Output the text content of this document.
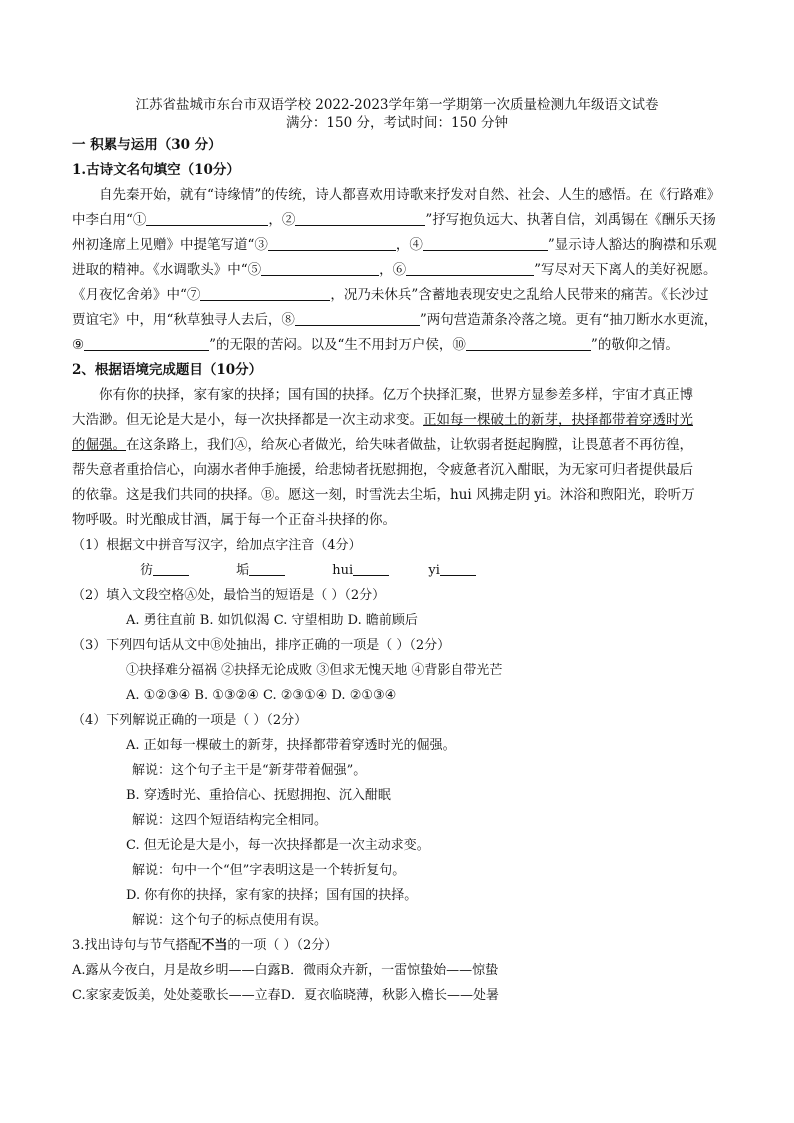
江苏省盐城市东台市双语学校 2022-2023学年第一学期第一次质量检测九年级语文试卷
满分：150 分，考试时间：150 分钟
一 积累与运用（30 分）
1.古诗文名句填空（10分）
自先秦开始，就有“诗缘情”的传统，诗人都喜欢用诗歌来抒发对自然、社会、人生的感悟。在《行路难》
中李白用“①	，②	”抒写抱负远大、执著自信，刘禹锡在《酬乐天扬
州初逢席上见赠》中提笔写道“③	，④	”显示诗人豁达的胸襟和乐观
进取的精神。《水调歌头》中“⑤	，⑥	”写尽对天下离人的美好祝愿。
《月夜忆舍弟》中“⑦	，况乃未休兵”含蓄地表现安史之乱给人民带来的痛苦。《长沙过
贾谊宅》中，用“秋草独寻人去后，⑧	”两句营造萧条冷落之境。更有“抽刀断水水更流，
⑨	”的无限的苦闷。以及“生不用封万户侯，⑩	”的敬仰之情。
2、根据语境完成题目（10分）
你有你的抉择，家有家的抉择；国有国的抉择。亿万个抉择汇聚，世界方显参差多样，宇宙才真正博
大浩渺。但无论是大是小，每一次抉择都是一次主动求变。正如每一棵破土的新芽，抉择都带着穿透时光
的倔强。在这条路上，我们Ⓐ，给灰心者做光，给失味者做盐，让软弱者挺起胸膛，让畏葸者不再彷徨，
帮失意者重拾信心，向溺水者伸手施援，给悲恸者抚慰拥抱，令疲惫者沉入酣眠，为无家可归者提供最后
的依靠。这是我们共同的抉择。Ⓑ。愿这一刻，时雪洗去尘垢，hui 风拂走阴 yi。沐浴和煦阳光，聆听万
物呼吸。时光酿成甘酒，属于每一个正奋斗抉择的你。
（1）根据文中拼音写汉字，给加点字注音（4分）
彷	垢	hui	yi
（2）填入文段空格Ⓐ处，最恰当的短语是（ ）（2分）
A. 勇往直前 B. 如饥似渴 C. 守望相助 D. 瞻前顾后
（3）下列四句话从文中Ⓑ处抽出，排序正确的一项是（ ）（2分）
①抉择难分福祸 ②抉择无论成败 ③但求无愧天地 ④背影自带光芒
A. ①②③④ B. ①③②④ C. ②③①④ D. ②①③④
（4）下列解说正确的一项是（ ）（2分）
A. 正如每一棵破土的新芽，抉择都带着穿透时光的倔强。
解说：这个句子主干是“新芽带着倔强”。
B. 穿透时光、重拾信心、抚慰拥抱、沉入酣眠
解说：这四个短语结构完全相同。
C. 但无论是大是小，每一次抉择都是一次主动求变。
解说：句中一个“但”字表明这是一个转折复句。
D. 你有你的抉择，家有家的抉择；国有国的抉择。
解说：这个句子的标点使用有误。
3.找出诗句与节气搭配不当的一项（ ）（2分）
A.露从今夜白，月是故乡明——白露B．微雨众卉新，一雷惊蛰始——惊蛰
C.家家麦饭美，处处菱歌长——立春D．夏衣临晓薄，秋影入檐长——处暑
